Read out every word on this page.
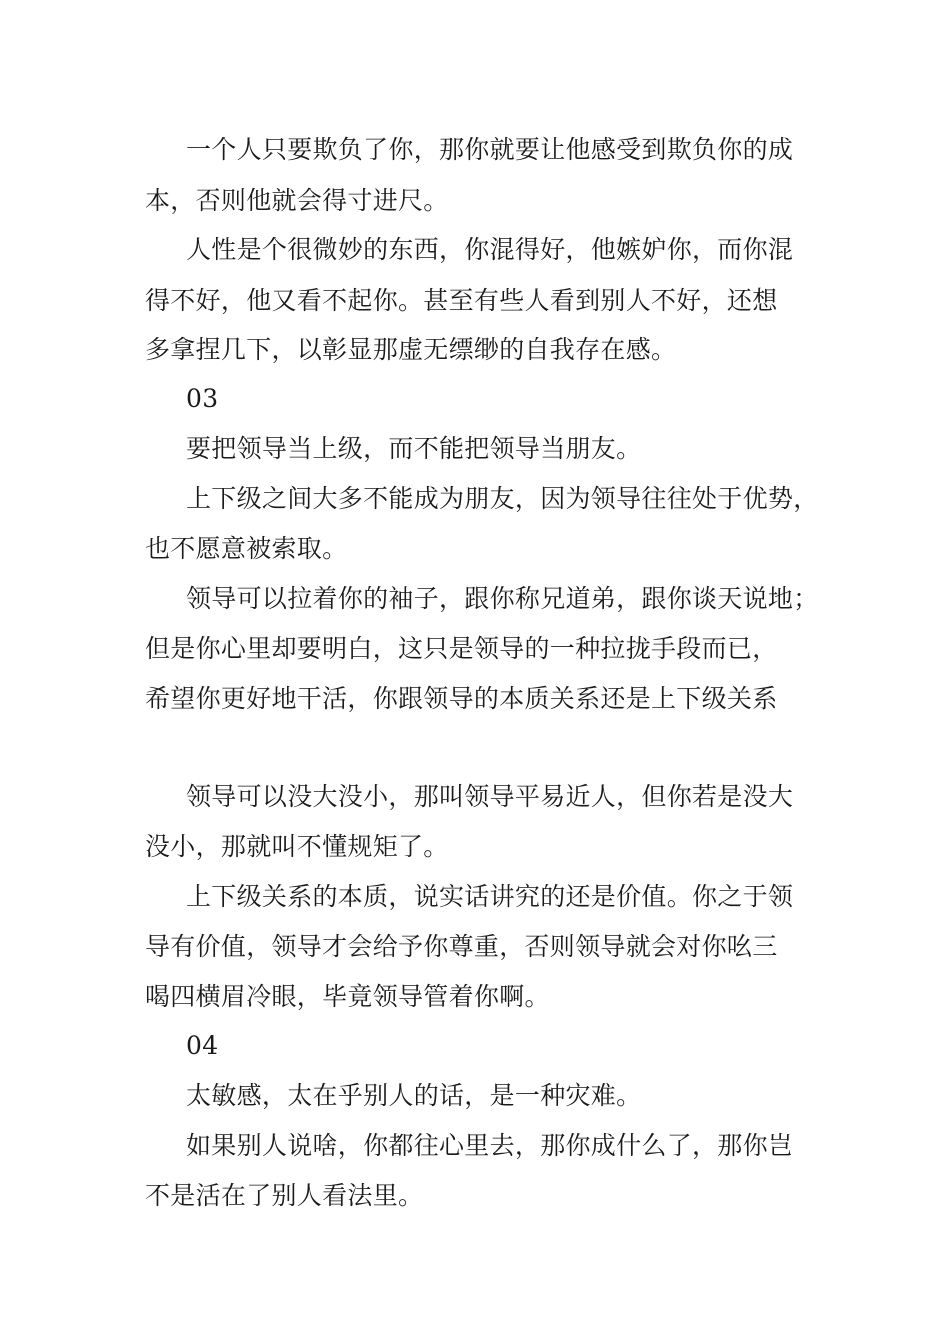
一个人只要欺负了你，那你就要让他感受到欺负你的成
本，否则他就会得寸进尺。
人性是个很微妙的东西，你混得好，他嫉妒你，而你混
得不好，他又看不起你。甚至有些人看到别人不好，还想
多拿捏几下，以彰显那虚无缥缈的自我存在感。
03
要把领导当上级，而不能把领导当朋友。
上下级之间大多不能成为朋友，因为领导往往处于优势，
也不愿意被索取。
领导可以拉着你的袖子，跟你称兄道弟，跟你谈天说地；
但是你心里却要明白，这只是领导的一种拉拢手段而已，
希望你更好地干活，你跟领导的本质关系还是上下级关系
领导可以没大没小，那叫领导平易近人，但你若是没大
没小，那就叫不懂规矩了。
上下级关系的本质，说实话讲究的还是价值。你之于领
导有价值，领导才会给予你尊重，否则领导就会对你吆三
喝四横眉冷眼，毕竟领导管着你啊。
04
太敏感，太在乎别人的话，是一种灾难。
如果别人说啥，你都往心里去，那你成什么了，那你岂
不是活在了别人看法里。
